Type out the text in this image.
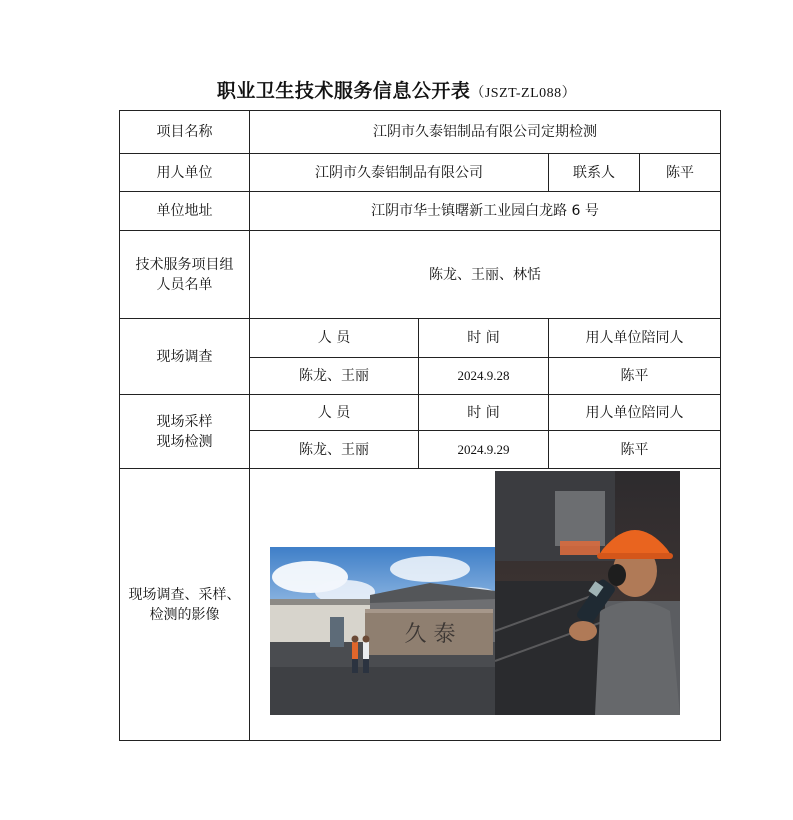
职业卫生技术服务信息公开表（JSZT-ZL088）
项目名称	江阴市久泰铝制品有限公司定期检测			
用人单位	江阴市久泰铝制品有限公司		联系人	陈平
单位地址	江阴市华士镇曙新工业园白龙路 6 号			

技术服务项目组
人员名单	陈龙、王丽、林恬			
现场调查	人 员	时 间	用人单位陪同人	
	陈龙、王丽	2024.9.28	陈平	

现场采样
现场检测	人 员	时 间	用人单位陪同人	
	陈龙、王丽	2024.9.29	陈平	

现场调查、采样、
检测的影像	久 泰			
